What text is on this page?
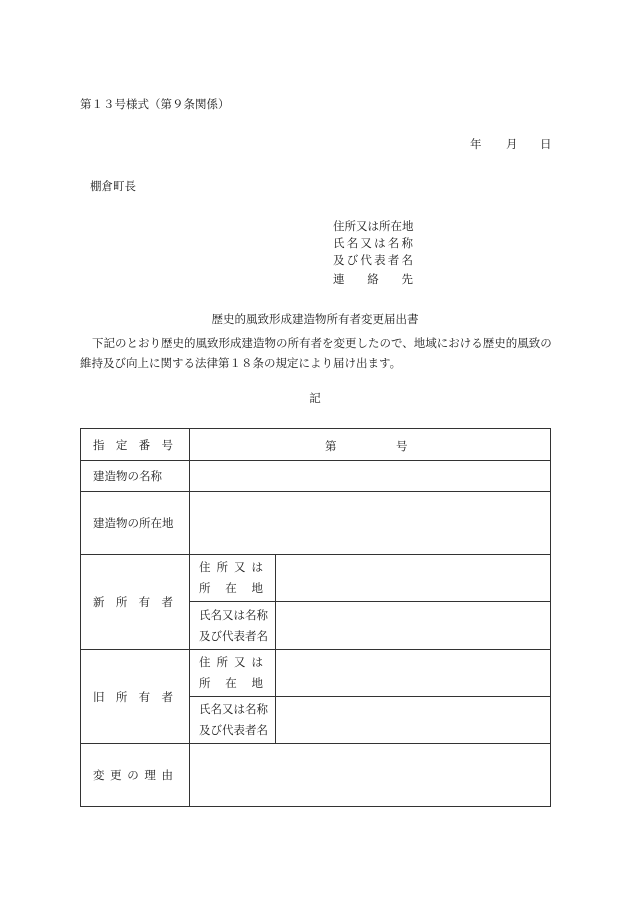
第１３号様式（第９条関係）
年 月 日
棚倉町長
住所又は所在地
氏名又は名称
及び代表者名
連絡先
歴史的風致形成建造物所有者変更届出書
下記のとおり歴史的風致形成建造物の所有者を変更したので、地域における歴史的風致の維持及び向上に関する法律第１８条の規定により届け出ます。
記
指定番号	第 号	

建造物の名称		
建造物の所在地		

新所有者	住所又は
所在地	

	氏名又は名称
及び代表者名	

旧所有者	住所又は
所在地	

	氏名又は名称
及び代表者名	

変更の理由		
